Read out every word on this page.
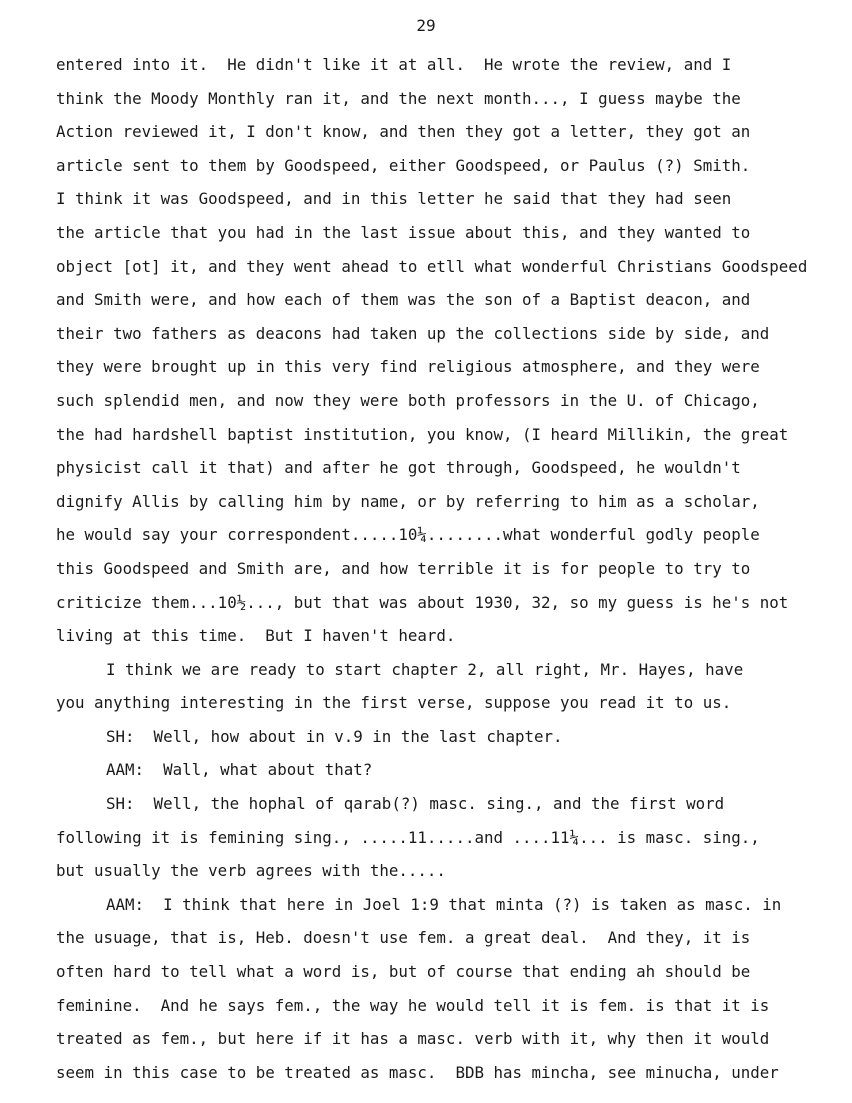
29
entered into it.  He didn't like it at all.  He wrote the review, and I
think the Moody Monthly ran it, and the next month..., I guess maybe the
Action reviewed it, I don't know, and then they got a letter, they got an
article sent to them by Goodspeed, either Goodspeed, or Paulus (?) Smith.
I think it was Goodspeed, and in this letter he said that they had seen
the article that you had in the last issue about this, and they wanted to
object [ot] it, and they went ahead to etll what wonderful Christians Goodspeed
and Smith were, and how each of them was the son of a Baptist deacon, and
their two fathers as deacons had taken up the collections side by side, and
they were brought up in this very find religious atmosphere, and they were
such splendid men, and now they were both professors in the U. of Chicago,
the had hardshell baptist institution, you know, (I heard Millikin, the great
physicist call it that) and after he got through, Goodspeed, he wouldn't
dignify Allis by calling him by name, or by referring to him as a scholar,
he would say your correspondent.....10¼........what wonderful godly people
this Goodspeed and Smith are, and how terrible it is for people to try to
criticize them...10½..., but that was about 1930, 32, so my guess is he's not
living at this time.  But I haven't heard.
I think we are ready to start chapter 2, all right, Mr. Hayes, have
you anything interesting in the first verse, suppose you read it to us.
SH:  Well, how about in v.9 in the last chapter.
AAM:  Wall, what about that?
SH:  Well, the hophal of qarab(?) masc. sing., and the first word
following it is femining sing., .....11.....and ....11¼... is masc. sing.,
but usually the verb agrees with the.....
AAM:  I think that here in Joel 1:9 that minta (?) is taken as masc. in
the usuage, that is, Heb. doesn't use fem. a great deal.  And they, it is
often hard to tell what a word is, but of course that ending ah should be
feminine.  And he says fem., the way he would tell it is fem. is that it is
treated as fem., but here if it has a masc. verb with it, why then it would
seem in this case to be treated as masc.  BDB has mincha, see minucha, under
